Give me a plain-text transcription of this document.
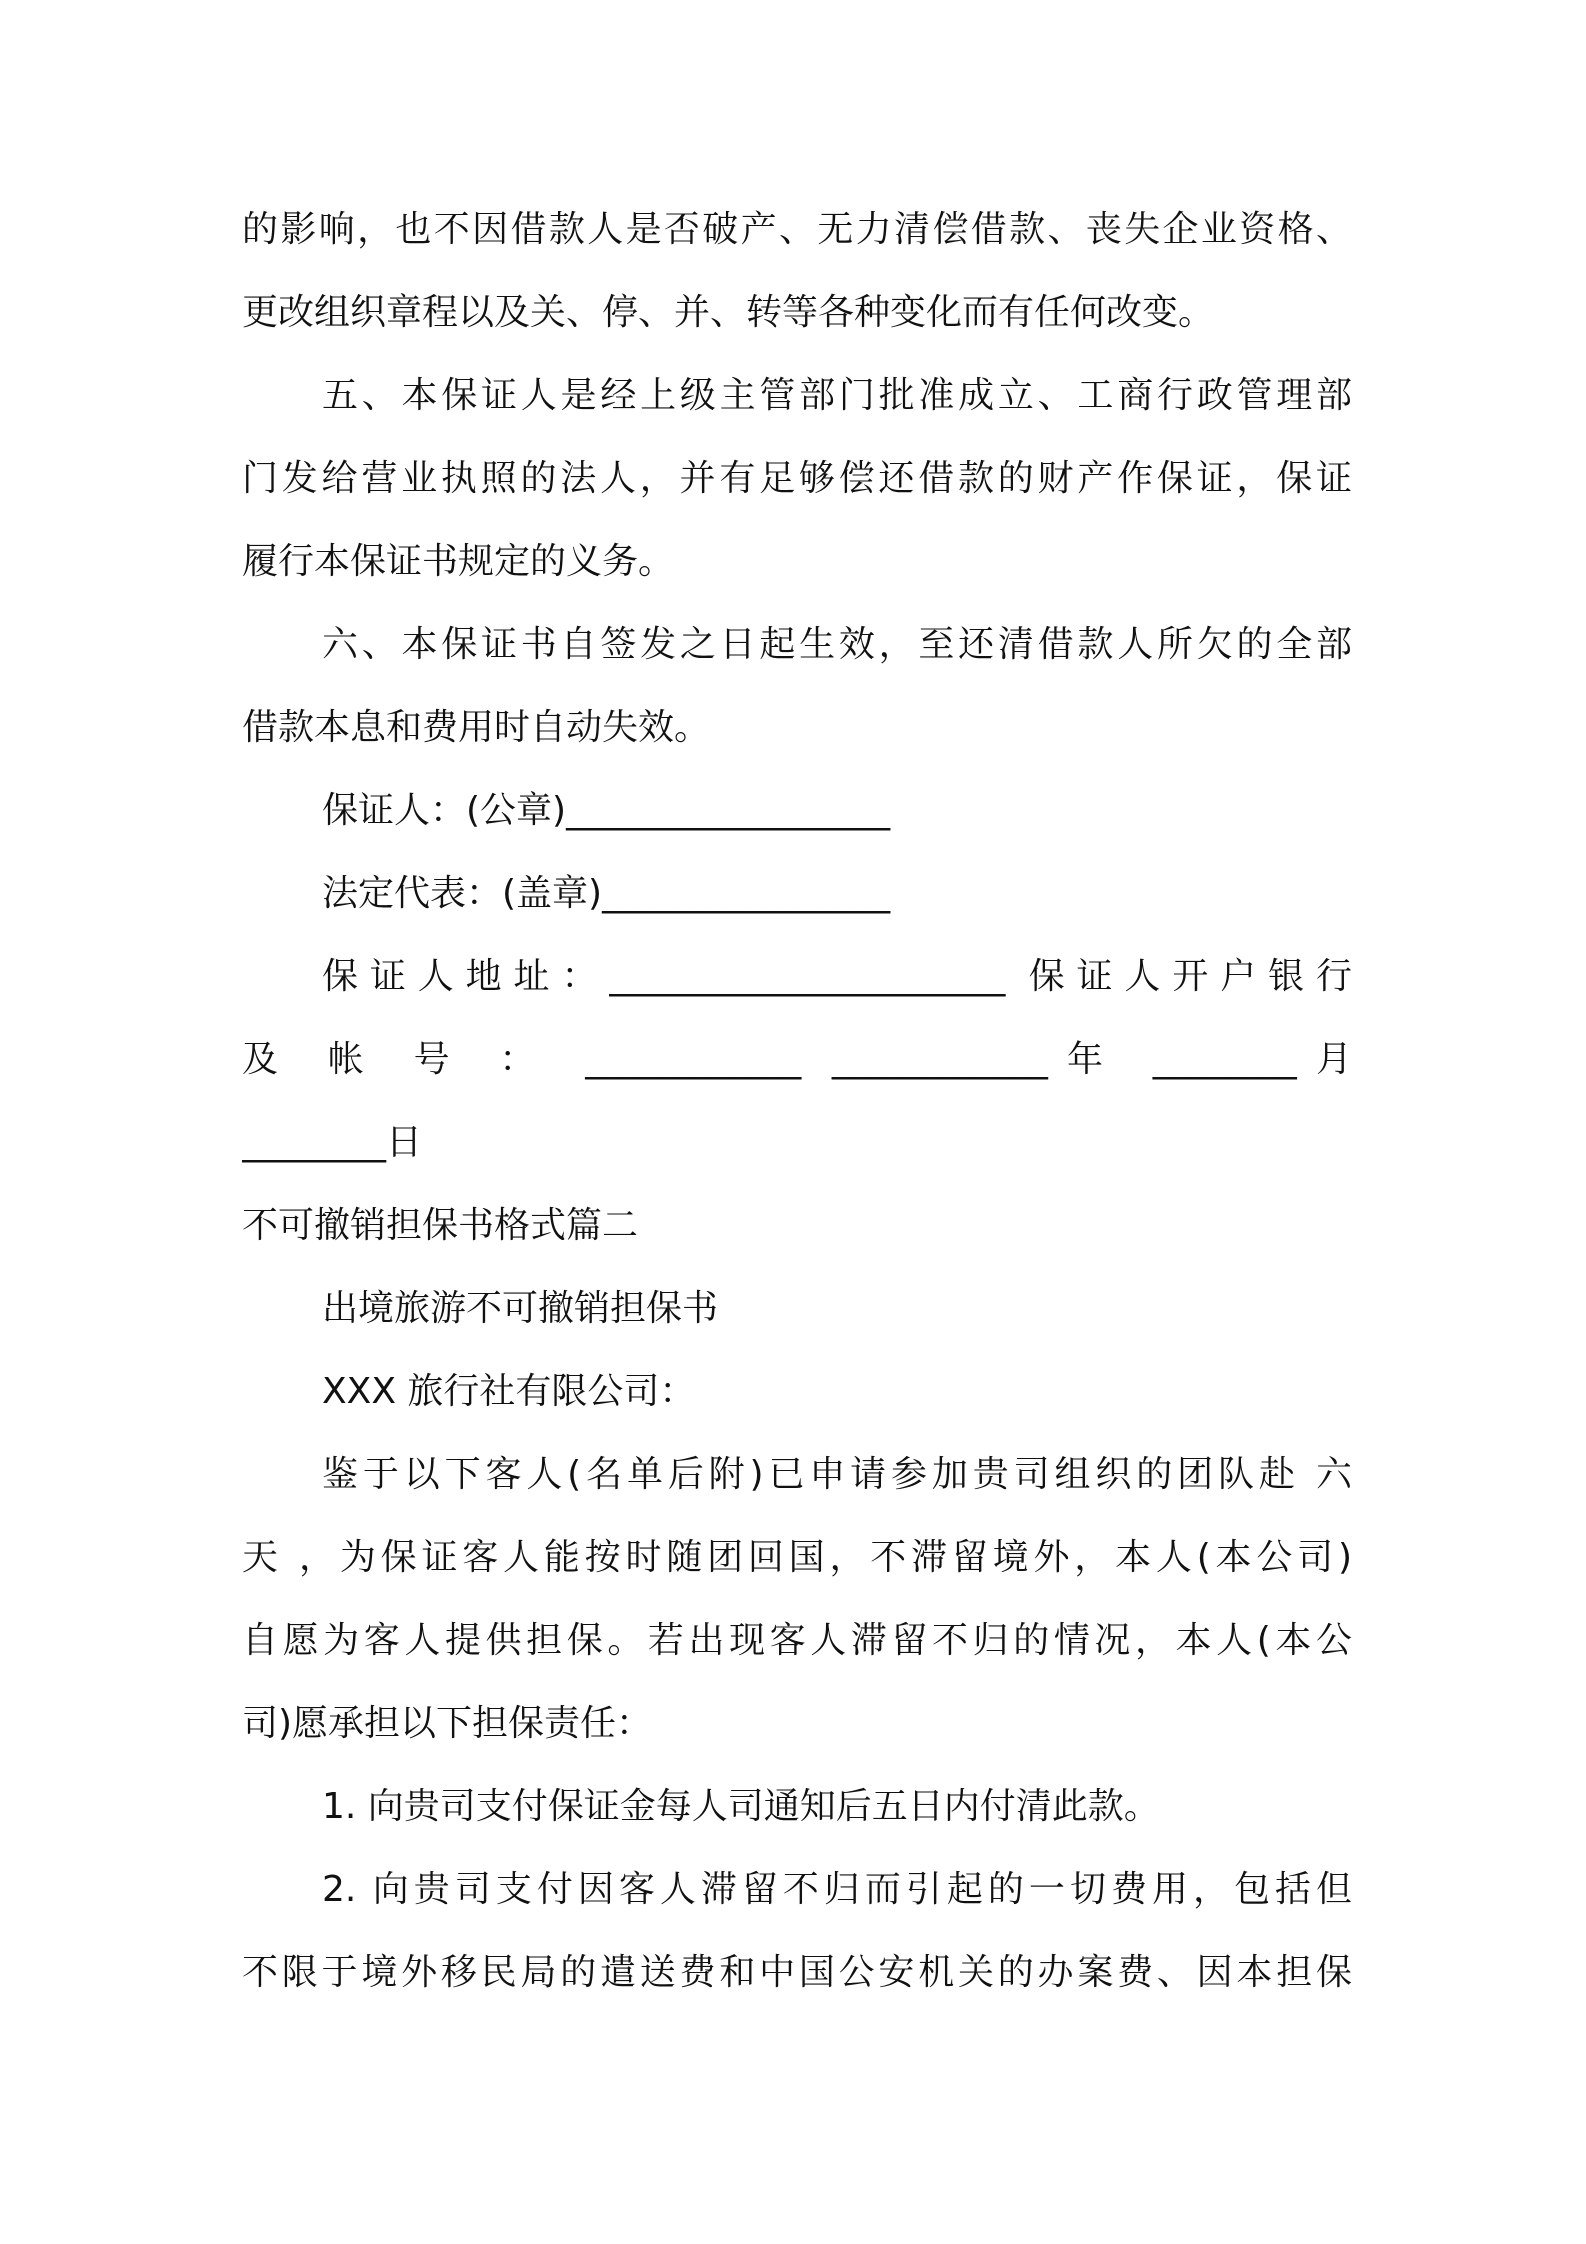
的影响，也不因借款人是否破产、无力清偿借款、丧失企业资格、
更改组织章程以及关、停、并、转等各种变化而有任何改变。
五、本保证人是经上级主管部门批准成立、工商行政管理部
门发给营业执照的法人，并有足够偿还借款的财产作保证，保证
履行本保证书规定的义务。
六、本保证书自签发之日起生效，至还清借款人所欠的全部
借款本息和费用时自动失效。
保证人：(公章)__________________
法定代表：(盖章)________________
保证人地址：______________________ 保证人开户银行
及 帐 号 ： ____________ ____________年 ________月
________日
不可撤销担保书格式篇二
出境旅游不可撤销担保书
XXX 旅行社有限公司：
鉴于以下客人(名单后附)已申请参加贵司组织的团队赴 六
天 ，为保证客人能按时随团回国，不滞留境外，本人(本公司)
自愿为客人提供担保。若出现客人滞留不归的情况，本人(本公
司)愿承担以下担保责任：
1. 向贵司支付保证金每人司通知后五日内付清此款。
2. 向贵司支付因客人滞留不归而引起的一切费用，包括但
不限于境外移民局的遣送费和中国公安机关的办案费、因本担保
